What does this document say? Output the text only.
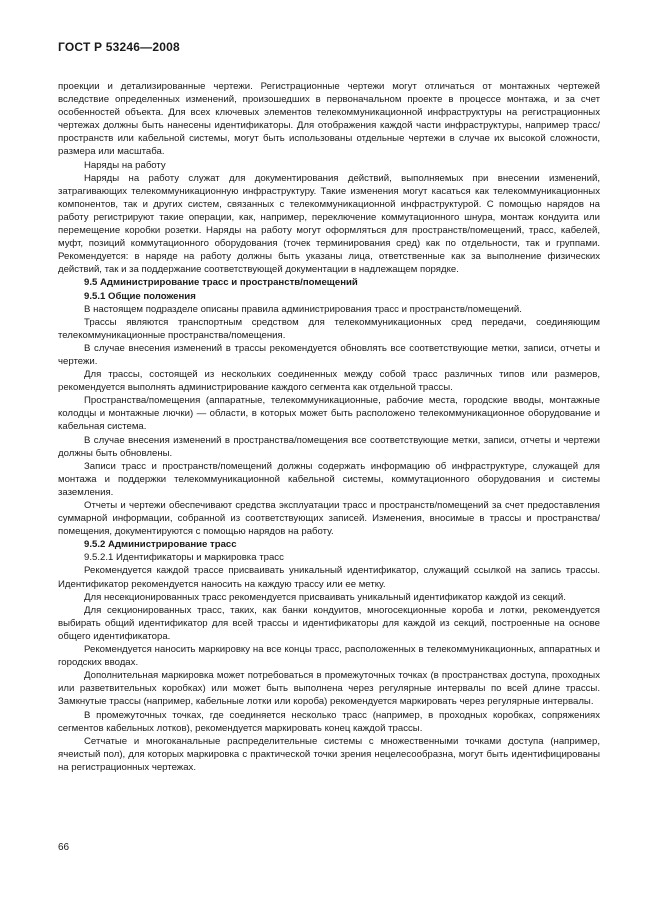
ГОСТ Р 53246—2008

проекции и детализированные чертежи. Регистрационные чертежи могут отличаться от монтажных чертежей вследствие определенных изменений, произошедших в первоначальном проекте в процессе монтажа, и за счет особенностей объекта. Для всех ключевых элементов телекоммуникационной инфраструктуры на регистрационных чертежах должны быть нанесены идентификаторы. Для отображения каждой части инфраструктуры, например трасс/пространств или кабельной системы, могут быть использованы отдельные чертежи в случае их высокой сложности, размера или масштаба.

Наряды на работу

Наряды на работу служат для документирования действий, выполняемых при внесении изменений, затрагивающих телекоммуникационную инфраструктуру. Такие изменения могут касаться как телекоммуникационных компонентов, так и других систем, связанных с телекоммуникационной инфраструктурой. С помощью нарядов на работу регистрируют такие операции, как, например, переключение коммутационного шнура, монтаж кондуита или перемещение коробки розетки. Наряды на работу могут оформляться для пространств/помещений, трасс, кабелей, муфт, позиций коммутационного оборудования (точек терминирования сред) как по отдельности, так и группами. Рекомендуется: в наряде на работу должны быть указаны лица, ответственные как за выполнение физических действий, так и за поддержание соответствующей документации в надлежащем порядке.

9.5 Администрирование трасс и пространств/помещений

9.5.1 Общие положения

В настоящем подразделе описаны правила администрирования трасс и пространств/помещений.

Трассы являются транспортным средством для телекоммуникационных сред передачи, соединяющим телекоммуникационные пространства/помещения.

В случае внесения изменений в трассы рекомендуется обновлять все соответствующие метки, записи, отчеты и чертежи.

Для трассы, состоящей из нескольких соединенных между собой трасс различных типов или размеров, рекомендуется выполнять администрирование каждого сегмента как отдельной трассы.

Пространства/помещения (аппаратные, телекоммуникационные, рабочие места, городские вводы, монтажные колодцы и монтажные лючки) — области, в которых может быть расположено телекоммуникационное оборудование и кабельная система.

В случае внесения изменений в пространства/помещения все соответствующие метки, записи, отчеты и чертежи должны быть обновлены.

Записи трасс и пространств/помещений должны содержать информацию об инфраструктуре, служащей для монтажа и поддержки телекоммуникационной кабельной системы, коммутационного оборудования и системы заземления.

Отчеты и чертежи обеспечивают средства эксплуатации трасс и пространств/помещений за счет предоставления суммарной информации, собранной из соответствующих записей. Изменения, вносимые в трассы и пространства/помещения, документируются с помощью нарядов на работу.

9.5.2 Администрирование трасс

9.5.2.1 Идентификаторы и маркировка трасс

Рекомендуется каждой трассе присваивать уникальный идентификатор, служащий ссылкой на запись трассы. Идентификатор рекомендуется наносить на каждую трассу или ее метку.

Для несекционированных трасс рекомендуется присваивать уникальный идентификатор каждой из секций.

Для секционированных трасс, таких, как банки кондуитов, многосекционные короба и лотки, рекомендуется выбирать общий идентификатор для всей трассы и идентификаторы для каждой из секций, построенные на основе общего идентификатора.

Рекомендуется наносить маркировку на все концы трасс, расположенных в телекоммуникационных, аппаратных и городских вводах.

Дополнительная маркировка может потребоваться в промежуточных точках (в пространствах доступа, проходных или разветвительных коробках) или может быть выполнена через регулярные интервалы по всей длине трассы. Замкнутые трассы (например, кабельные лотки или короба) рекомендуется маркировать через регулярные интервалы.

В промежуточных точках, где соединяется несколько трасс (например, в проходных коробках, сопряжениях сегментов кабельных лотков), рекомендуется маркировать конец каждой трассы.

Сетчатые и многоканальные распределительные системы с множественными точками доступа (например, ячеистый пол), для которых маркировка с практической точки зрения нецелесообразна, могут быть идентифицированы на регистрационных чертежах.

66
